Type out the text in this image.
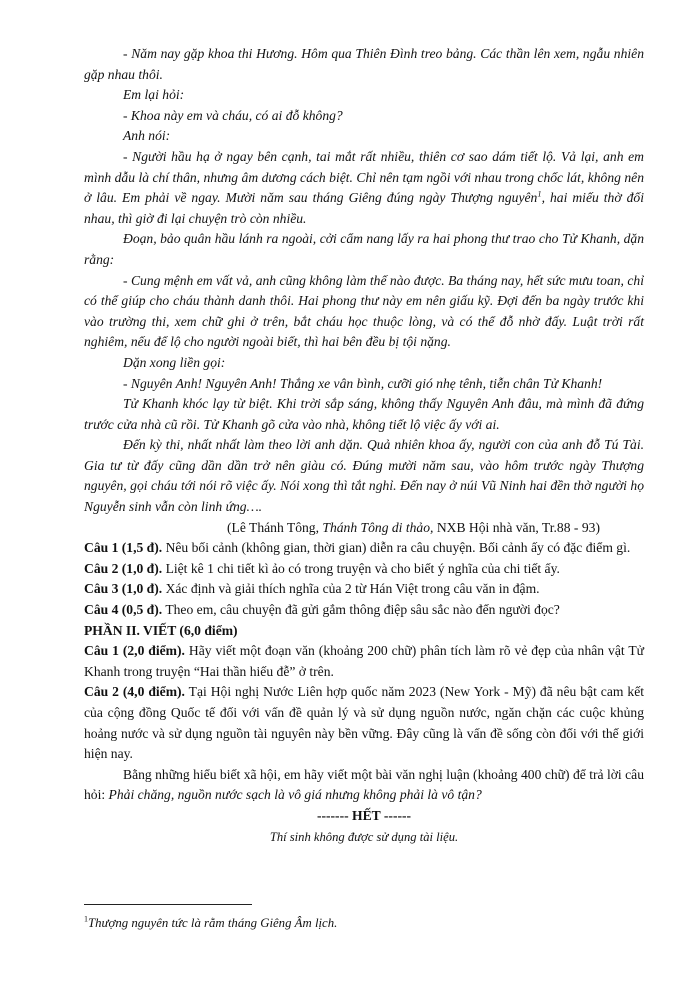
- Năm nay gặp khoa thi Hương. Hôm qua Thiên Đình treo bảng. Các thần lên xem, ngẫu nhiên gặp nhau thôi.

Em lại hỏi:

- Khoa này em và cháu, có ai đỗ không?

Anh nói:

- Người hầu hạ ở ngay bên cạnh, tai mắt rất nhiều, thiên cơ sao dám tiết lộ. Vả lại, anh em mình dẫu là chí thân, nhưng âm dương cách biệt. Chỉ nên tạm ngồi với nhau trong chốc lát, không nên ở lâu. Em phải về ngay. Mười năm sau tháng Giêng đúng ngày Thượng nguyên$^1$, hai miếu thờ đối nhau, thì giờ đi lại chuyện trò còn nhiều.

Đoạn, bảo quân hầu lánh ra ngoài, cởi cẩm nang lấy ra hai phong thư trao cho Tử Khanh, dặn rằng:

- Cung mệnh em vất vả, anh cũng không làm thế nào được. Ba tháng nay, hết sức mưu toan, chỉ có thể giúp cho cháu thành danh thôi. Hai phong thư này em nên giấu kỹ. Đợi đến ba ngày trước khi vào trường thi, xem chữ ghi ở trên, bắt cháu học thuộc lòng, và có thể đỗ nhờ đấy. Luật trời rất nghiêm, nếu để lộ cho người ngoài biết, thì hai bên đều bị tội nặng.

Dặn xong liền gọi:

- Nguyên Anh! Nguyên Anh! Thắng xe vân bình, cưỡi gió nhẹ tênh, tiễn chân Tử Khanh!

Tử Khanh khóc lạy từ biệt. Khi trời sắp sáng, không thấy Nguyên Anh đâu, mà mình đã đứng trước cửa nhà cũ rồi. Tử Khanh gõ cửa vào nhà, không tiết lộ việc ấy với ai.

Đến kỳ thi, nhất nhất làm theo lời anh dặn. Quả nhiên khoa ấy, người con của anh đỗ Tú Tài. Gia tư từ đấy cũng dần dần trở nên giàu có. Đúng mười năm sau, vào hôm trước ngày Thượng nguyên, gọi cháu tới nói rõ việc ấy. Nói xong thì tắt nghỉ. Đến nay ở núi Vũ Ninh hai đền thờ người họ Nguyễn sinh vẫn còn linh ứng….

(Lê Thánh Tông, Thánh Tông di thảo, NXB Hội nhà văn, Tr.88 - 93)

Câu 1 (1,5 đ). Nêu bối cảnh (không gian, thời gian) diễn ra câu chuyện. Bối cảnh ấy có đặc điểm gì.

Câu 2 (1,0 đ). Liệt kê 1 chi tiết kì ảo có trong truyện và cho biết ý nghĩa của chi tiết ấy.

Câu 3 (1,0 đ). Xác định và giải thích nghĩa của 2 từ Hán Việt trong câu văn in đậm.

Câu 4 (0,5 đ). Theo em, câu chuyện đã gửi gắm thông điệp sâu sắc nào đến người đọc?

PHẦN II. VIẾT (6,0 điểm)

Câu 1 (2,0 điểm). Hãy viết một đoạn văn (khoảng 200 chữ) phân tích làm rõ vẻ đẹp của nhân vật Tử Khanh trong truyện “Hai thần hiếu đễ” ở trên.

Câu 2 (4,0 điểm). Tại Hội nghị Nước Liên hợp quốc năm 2023 (New York - Mỹ) đã nêu bật cam kết của cộng đồng Quốc tế đối với vấn đề quản lý và sử dụng nguồn nước, ngăn chặn các cuộc khủng hoảng nước và sử dụng nguồn tài nguyên này bền vững. Đây cũng là vấn đề sống còn đối với thế giới hiện nay.

Bằng những hiểu biết xã hội, em hãy viết một bài văn nghị luận (khoảng 400 chữ) để trả lời câu hỏi: Phải chăng, nguồn nước sạch là vô giá nhưng không phải là vô tận?

------- HẾT ------

Thí sinh không được sử dụng tài liệu.

$^1$Thượng nguyên tức là rằm tháng Giêng Âm lịch.
